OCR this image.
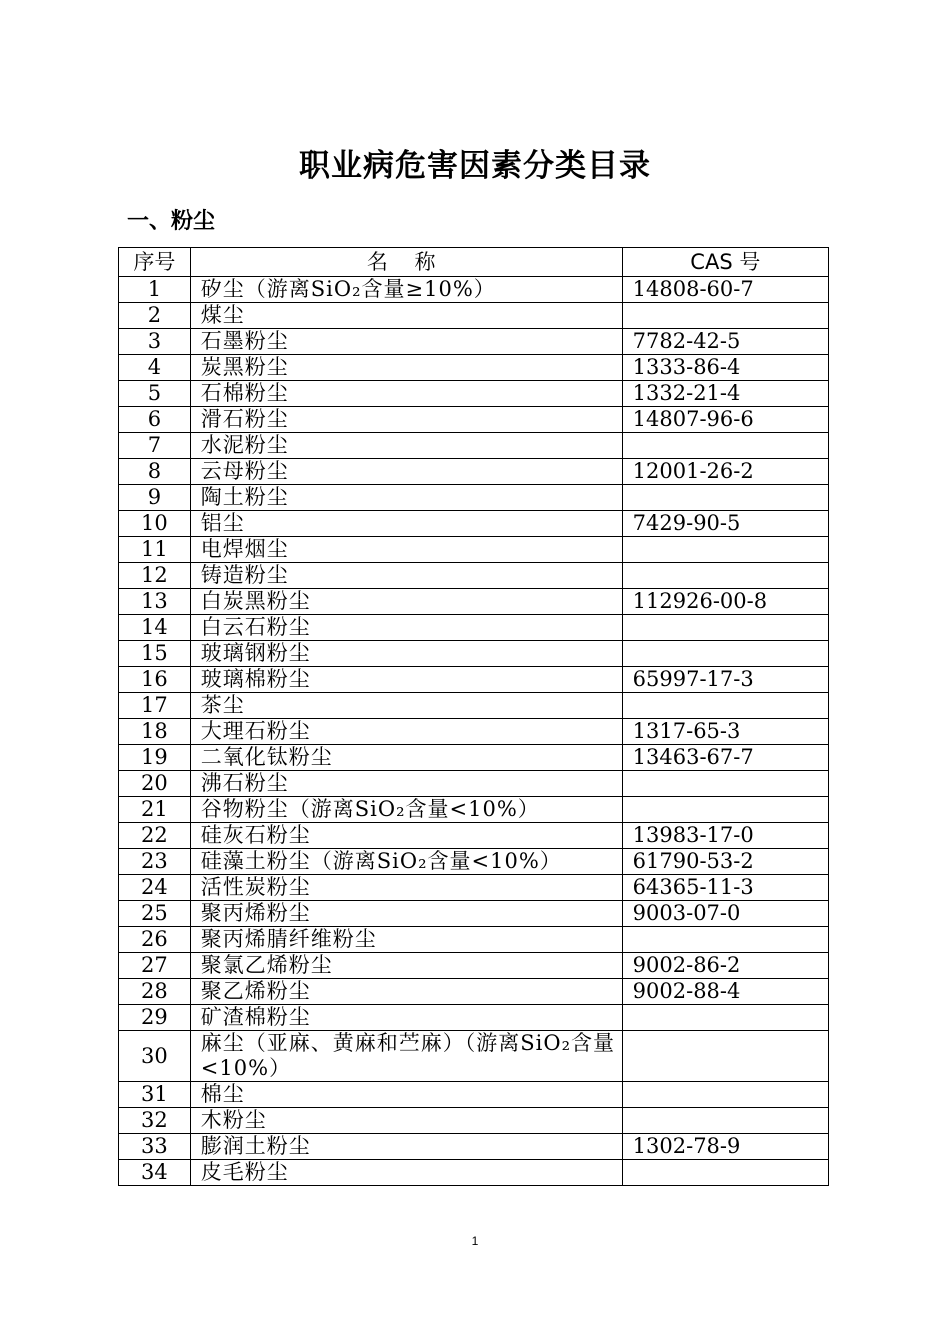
职业病危害因素分类目录
一、粉尘
序号	名 称	CAS 号
1	矽尘（游离SiO₂含量≥10%）	14808-60-7
2	煤尘	
3	石墨粉尘	7782-42-5
4	炭黑粉尘	1333-86-4
5	石棉粉尘	1332-21-4
6	滑石粉尘	14807-96-6
7	水泥粉尘	
8	云母粉尘	12001-26-2
9	陶土粉尘	
10	铝尘	7429-90-5
11	电焊烟尘	
12	铸造粉尘	
13	白炭黑粉尘	112926-00-8
14	白云石粉尘	
15	玻璃钢粉尘	
16	玻璃棉粉尘	65997-17-3
17	茶尘	
18	大理石粉尘	1317-65-3
19	二氧化钛粉尘	13463-67-7
20	沸石粉尘	
21	谷物粉尘（游离SiO₂含量<10%）	
22	硅灰石粉尘	13983-17-0
23	硅藻土粉尘（游离SiO₂含量<10%）	61790-53-2
24	活性炭粉尘	64365-11-3
25	聚丙烯粉尘	9003-07-0
26	聚丙烯腈纤维粉尘	
27	聚氯乙烯粉尘	9002-86-2
28	聚乙烯粉尘	9002-88-4
29	矿渣棉粉尘	
30	麻尘（亚麻、黄麻和苎麻）（游离SiO₂含量<10%）	
31	棉尘	
32	木粉尘	
33	膨润土粉尘	1302-78-9
34	皮毛粉尘	
1
